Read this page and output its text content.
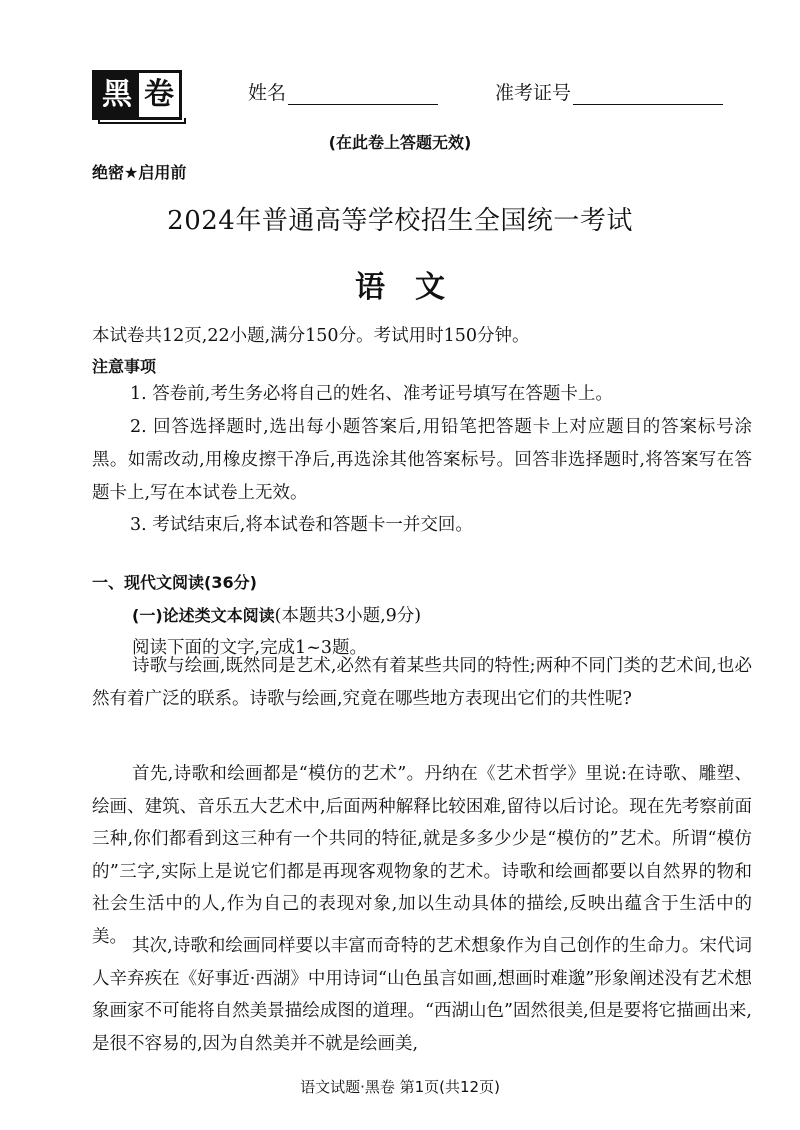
黑 卷	姓名	准考证号
(在此卷上答题无效)
绝密★启用前
2024年普通高等学校招生全国统一考试
语文
本试卷共12页,22小题,满分150分。考试用时150分钟。
注意事项
1. 答卷前,考生务必将自己的姓名、准考证号填写在答题卡上。
2. 回答选择题时,选出每小题答案后,用铅笔把答题卡上对应题目的答案标号涂黑。如需改动,用橡皮擦干净后,再选涂其他答案标号。回答非选择题时,将答案写在答题卡上,写在本试卷上无效。
3. 考试结束后,将本试卷和答题卡一并交回。
一、现代文阅读(36分)
(一)论述类文本阅读(本题共3小题,9分)
阅读下面的文字,完成1~3题。
诗歌与绘画,既然同是艺术,必然有着某些共同的特性;两种不同门类的艺术间,也必然有着广泛的联系。诗歌与绘画,究竟在哪些地方表现出它们的共性呢?
首先,诗歌和绘画都是“模仿的艺术”。丹纳在《艺术哲学》里说:在诗歌、雕塑、绘画、建筑、音乐五大艺术中,后面两种解释比较困难,留待以后讨论。现在先考察前面三种,你们都看到这三种有一个共同的特征,就是多多少少是“模仿的”艺术。所谓“模仿的”三字,实际上是说它们都是再现客观物象的艺术。诗歌和绘画都要以自然界的物和社会生活中的人,作为自己的表现对象,加以生动具体的描绘,反映出蕴含于生活中的美。 其次,诗歌和绘画同样要以丰富而奇特的艺术想象作为自己创作的生命力。宋代词人辛弃疾在《好事近·西湖》中用诗词“山色虽言如画,想画时难邈”形象阐述没有艺术想象画家不可能将自然美景描绘成图的道理。“西湖山色”固然很美,但是要将它描画出来,是很不容易的,因为自然美并不就是绘画美,
语文试题·黑卷 第1页(共12页)
